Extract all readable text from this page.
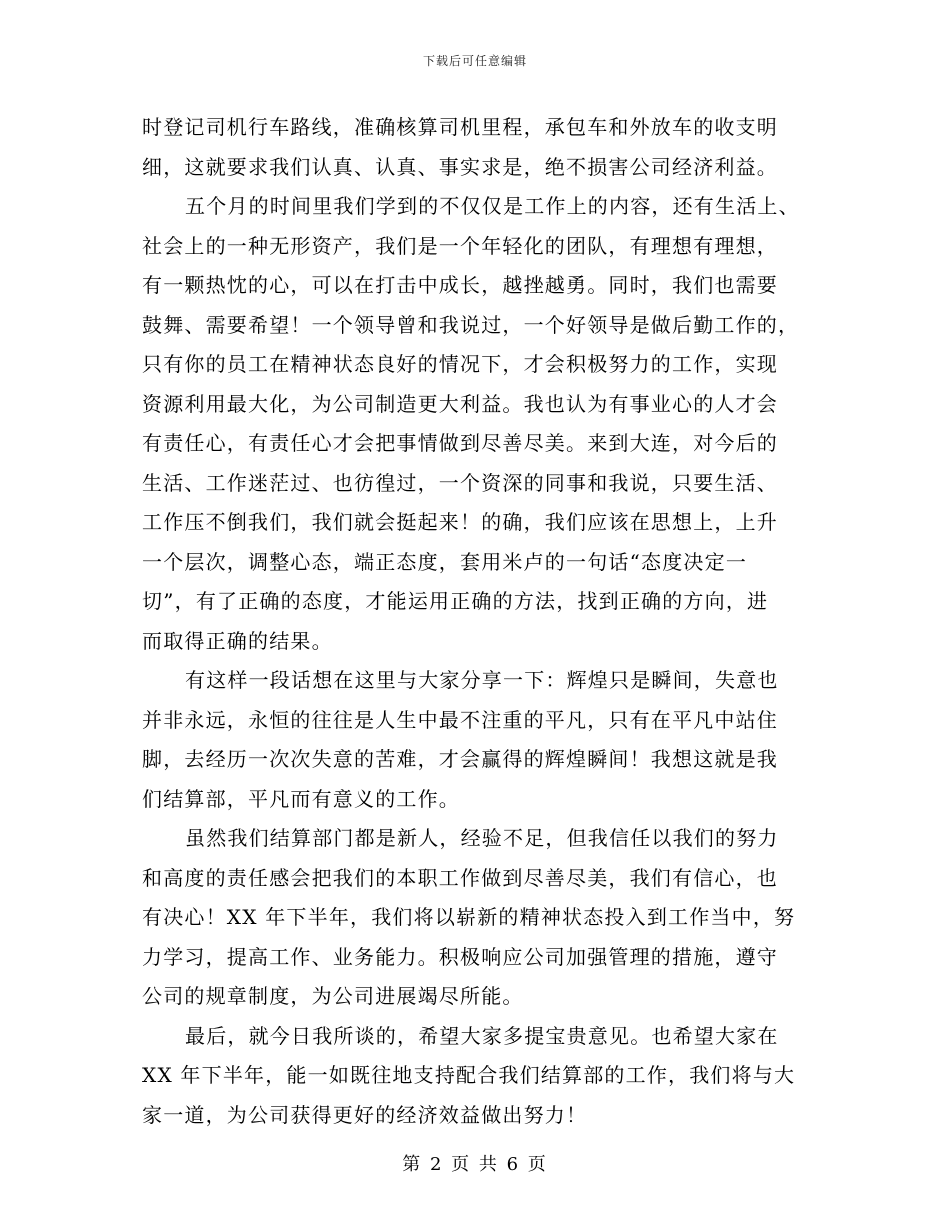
下载后可任意编辑
时登记司机行车路线，准确核算司机里程，承包车和外放车的收支明
细，这就要求我们认真、认真、事实求是，绝不损害公司经济利益。
五个月的时间里我们学到的不仅仅是工作上的内容，还有生活上、
社会上的一种无形资产，我们是一个年轻化的团队，有理想有理想，
有一颗热忱的心，可以在打击中成长，越挫越勇。同时，我们也需要
鼓舞、需要希望！一个领导曾和我说过，一个好领导是做后勤工作的，
只有你的员工在精神状态良好的情况下，才会积极努力的工作，实现
资源利用最大化，为公司制造更大利益。我也认为有事业心的人才会
有责任心，有责任心才会把事情做到尽善尽美。来到大连，对今后的
生活、工作迷茫过、也彷徨过，一个资深的同事和我说，只要生活、
工作压不倒我们，我们就会挺起来！的确，我们应该在思想上，上升
一个层次，调整心态，端正态度，套用米卢的一句话“态度决定一
切”，有了正确的态度，才能运用正确的方法，找到正确的方向，进
而取得正确的结果。
有这样一段话想在这里与大家分享一下：辉煌只是瞬间，失意也
并非永远，永恒的往往是人生中最不注重的平凡，只有在平凡中站住
脚，去经历一次次失意的苦难，才会赢得的辉煌瞬间！我想这就是我
们结算部，平凡而有意义的工作。
虽然我们结算部门都是新人，经验不足，但我信任以我们的努力
和高度的责任感会把我们的本职工作做到尽善尽美，我们有信心，也
有决心！XX 年下半年，我们将以崭新的精神状态投入到工作当中，努
力学习，提高工作、业务能力。积极响应公司加强管理的措施，遵守
公司的规章制度，为公司进展竭尽所能。
最后，就今日我所谈的，希望大家多提宝贵意见。也希望大家在
XX 年下半年，能一如既往地支持配合我们结算部的工作，我们将与大
家一道，为公司获得更好的经济效益做出努力！
第 2 页 共 6 页
